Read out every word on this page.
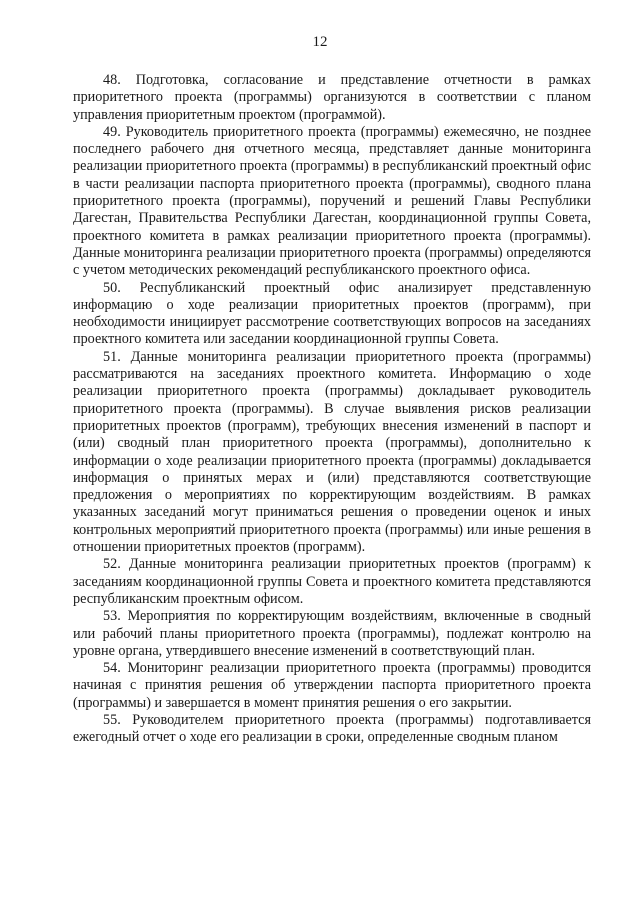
12

48. Подготовка, согласование и представление отчетности в рамках приоритетного проекта (программы) организуются в соответствии с планом управления приоритетным проектом (программой).

49. Руководитель приоритетного проекта (программы) ежемесячно, не позднее последнего рабочего дня отчетного месяца, представляет данные мониторинга реализации приоритетного проекта (программы) в республиканский проектный офис в части реализации паспорта приоритетного проекта (программы), сводного плана приоритетного проекта (программы), поручений и решений Главы Республики Дагестан, Правительства Республики Дагестан, координационной группы Совета, проектного комитета в рамках реализации приоритетного проекта (программы). Данные мониторинга реализации приоритетного проекта (программы) определяются с учетом методических рекомендаций республиканского проектного офиса.

50. Республиканский проектный офис анализирует представленную информацию о ходе реализации приоритетных проектов (программ), при необходимости инициирует рассмотрение соответствующих вопросов на заседаниях проектного комитета или заседании координационной группы Совета.

51. Данные мониторинга реализации приоритетного проекта (программы) рассматриваются на заседаниях проектного комитета. Информацию о ходе реализации приоритетного проекта (программы) докладывает руководитель приоритетного проекта (программы). В случае выявления рисков реализации приоритетных проектов (программ), требующих внесения изменений в паспорт и (или) сводный план приоритетного проекта (программы), дополнительно к информации о ходе реализации приоритетного проекта (программы) докладывается информация о принятых мерах и (или) представляются соответствующие предложения о мероприятиях по корректирующим воздействиям. В рамках указанных заседаний могут приниматься решения о проведении оценок и иных контрольных мероприятий приоритетного проекта (программы) или иные решения в отношении приоритетных проектов (программ).

52. Данные мониторинга реализации приоритетных проектов (программ) к заседаниям координационной группы Совета и проектного комитета представляются республиканским проектным офисом.

53. Мероприятия по корректирующим воздействиям, включенные в сводный или рабочий планы приоритетного проекта (программы), подлежат контролю на уровне органа, утвердившего внесение изменений в соответствующий план.

54. Мониторинг реализации приоритетного проекта (программы) проводится начиная с принятия решения об утверждении паспорта приоритетного проекта (программы) и завершается в момент принятия решения о его закрытии.

55. Руководителем приоритетного проекта (программы) подготавливается ежегодный отчет о ходе его реализации в сроки, определенные сводным планом
